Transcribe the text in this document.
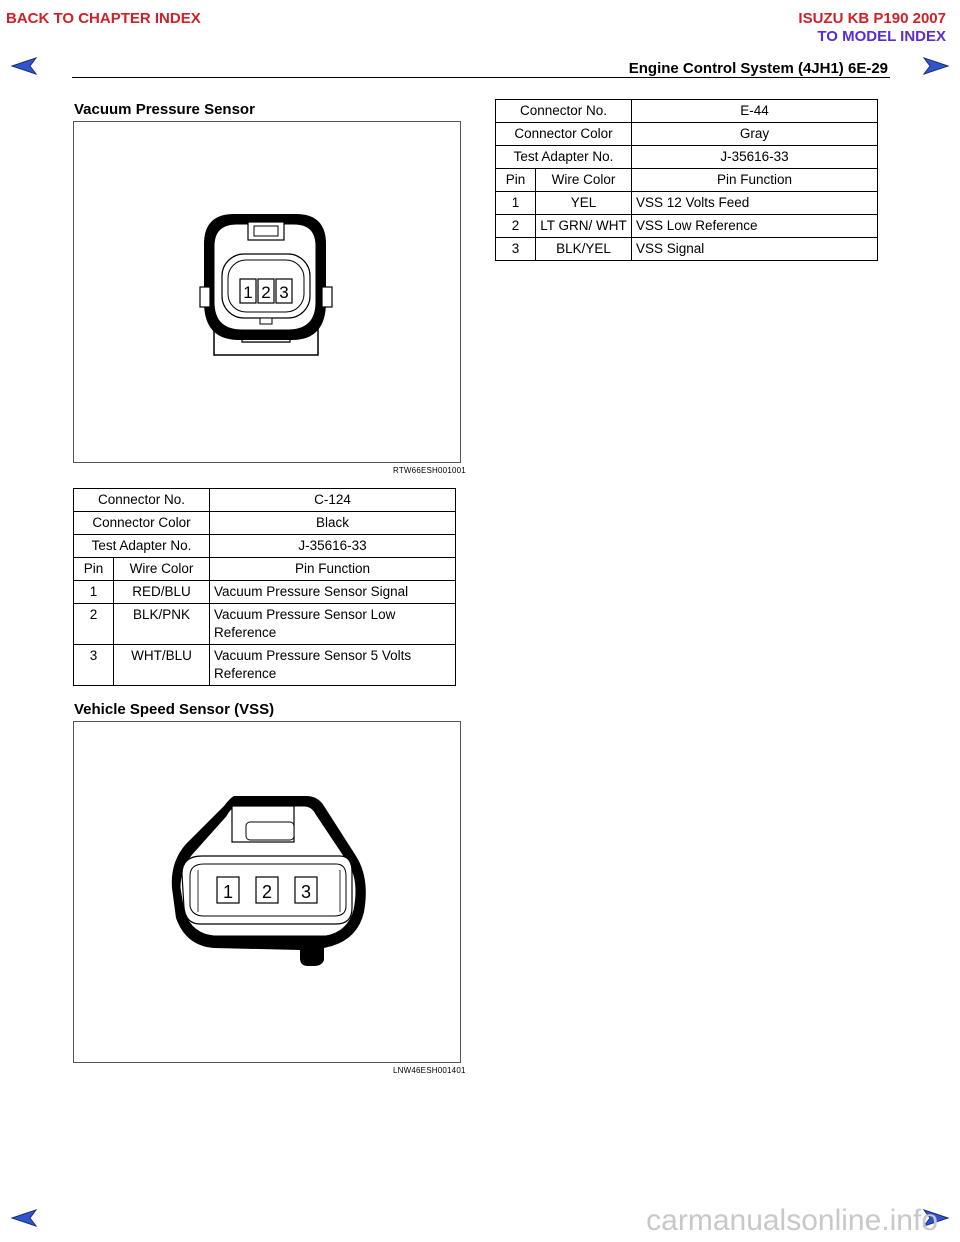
BACK TO CHAPTER INDEX	ISUZU KB P190 2007
TO MODEL INDEX
Engine Control System (4JH1) 6E-29
Vacuum Pressure Sensor
1 2 3
RTW66ESH001001
Connector No.		C-124
Connector Color		Black
Test Adapter No.		J-35616-33
Pin	Wire Color	Pin Function
1	RED/BLU	Vacuum Pressure Sensor Signal
2	BLK/PNK	Vacuum Pressure Sensor Low Reference
3	WHT/BLU	Vacuum Pressure Sensor 5 Volts Reference
Vehicle Speed Sensor (VSS)
1 2 3
LNW46ESH001401
Connector No.		E-44
Connector Color		Gray
Test Adapter No.		J-35616-33
Pin	Wire Color	Pin Function
1	YEL	VSS 12 Volts Feed
2	LT GRN/ WHT	VSS Low Reference
3	BLK/YEL	VSS Signal
carmanualsonline.info
